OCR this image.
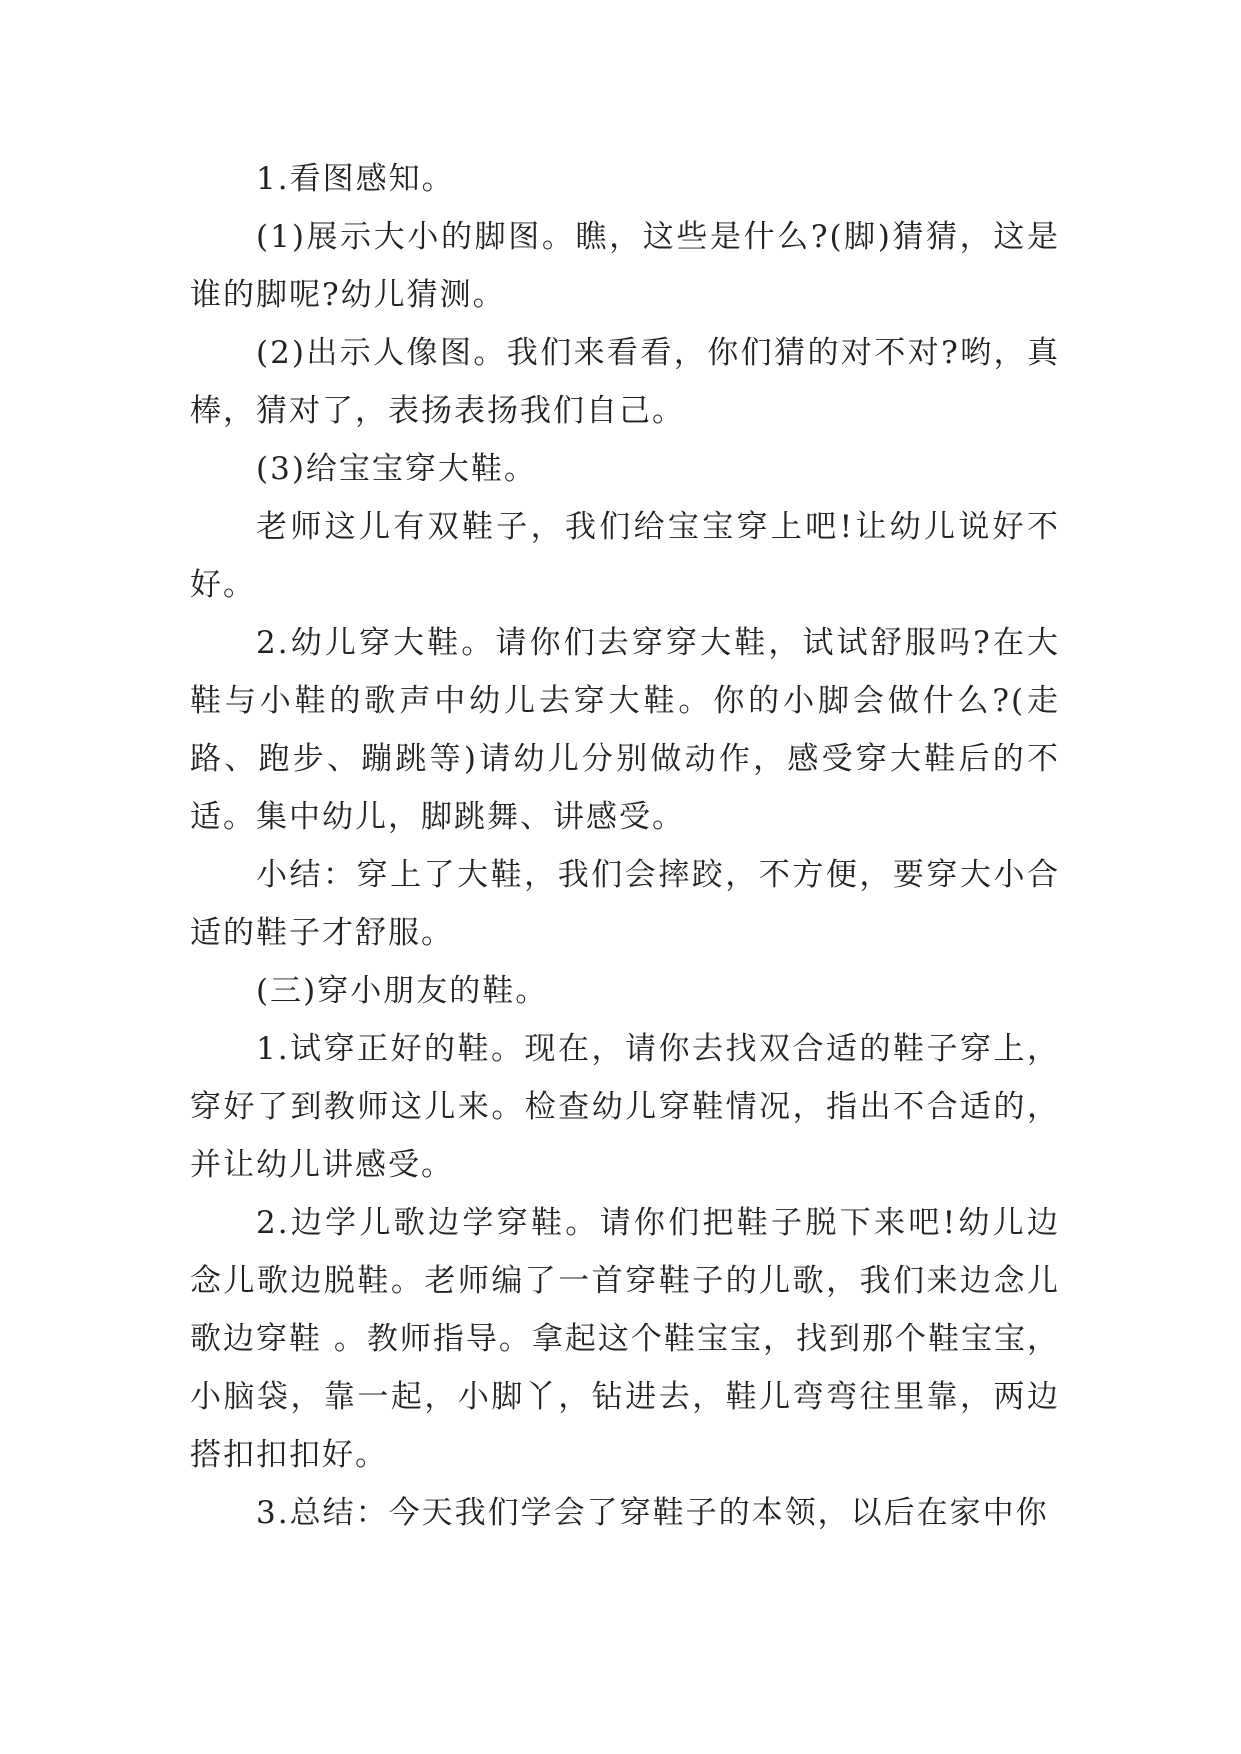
1.看图感知。

(1)展示大小的脚图。瞧，这些是什么?(脚)猜猜，这是谁的脚呢?幼儿猜测。

(2)出示人像图。我们来看看，你们猜的对不对?哟，真棒，猜对了，表扬表扬我们自己。

(3)给宝宝穿大鞋。

老师这儿有双鞋子，我们给宝宝穿上吧!让幼儿说好不好。

2.幼儿穿大鞋。请你们去穿穿大鞋，试试舒服吗?在大鞋与小鞋的歌声中幼儿去穿大鞋。你的小脚会做什么?(走路、跑步、蹦跳等)请幼儿分别做动作，感受穿大鞋后的不适。集中幼儿，脚跳舞、讲感受。

小结：穿上了大鞋，我们会摔跤，不方便，要穿大小合适的鞋子才舒服。

(三)穿小朋友的鞋。

1.试穿正好的鞋。现在，请你去找双合适的鞋子穿上，穿好了到教师这儿来。检查幼儿穿鞋情况，指出不合适的，并让幼儿讲感受。

2.边学儿歌边学穿鞋。请你们把鞋子脱下来吧!幼儿边念儿歌边脱鞋。老师编了一首穿鞋子的儿歌，我们来边念儿歌边穿鞋 。教师指导。拿起这个鞋宝宝，找到那个鞋宝宝，小脑袋，靠一起，小脚丫，钻进去，鞋儿弯弯往里靠，两边搭扣扣扣好。

3.总结：今天我们学会了穿鞋子的本领，以后在家中你
